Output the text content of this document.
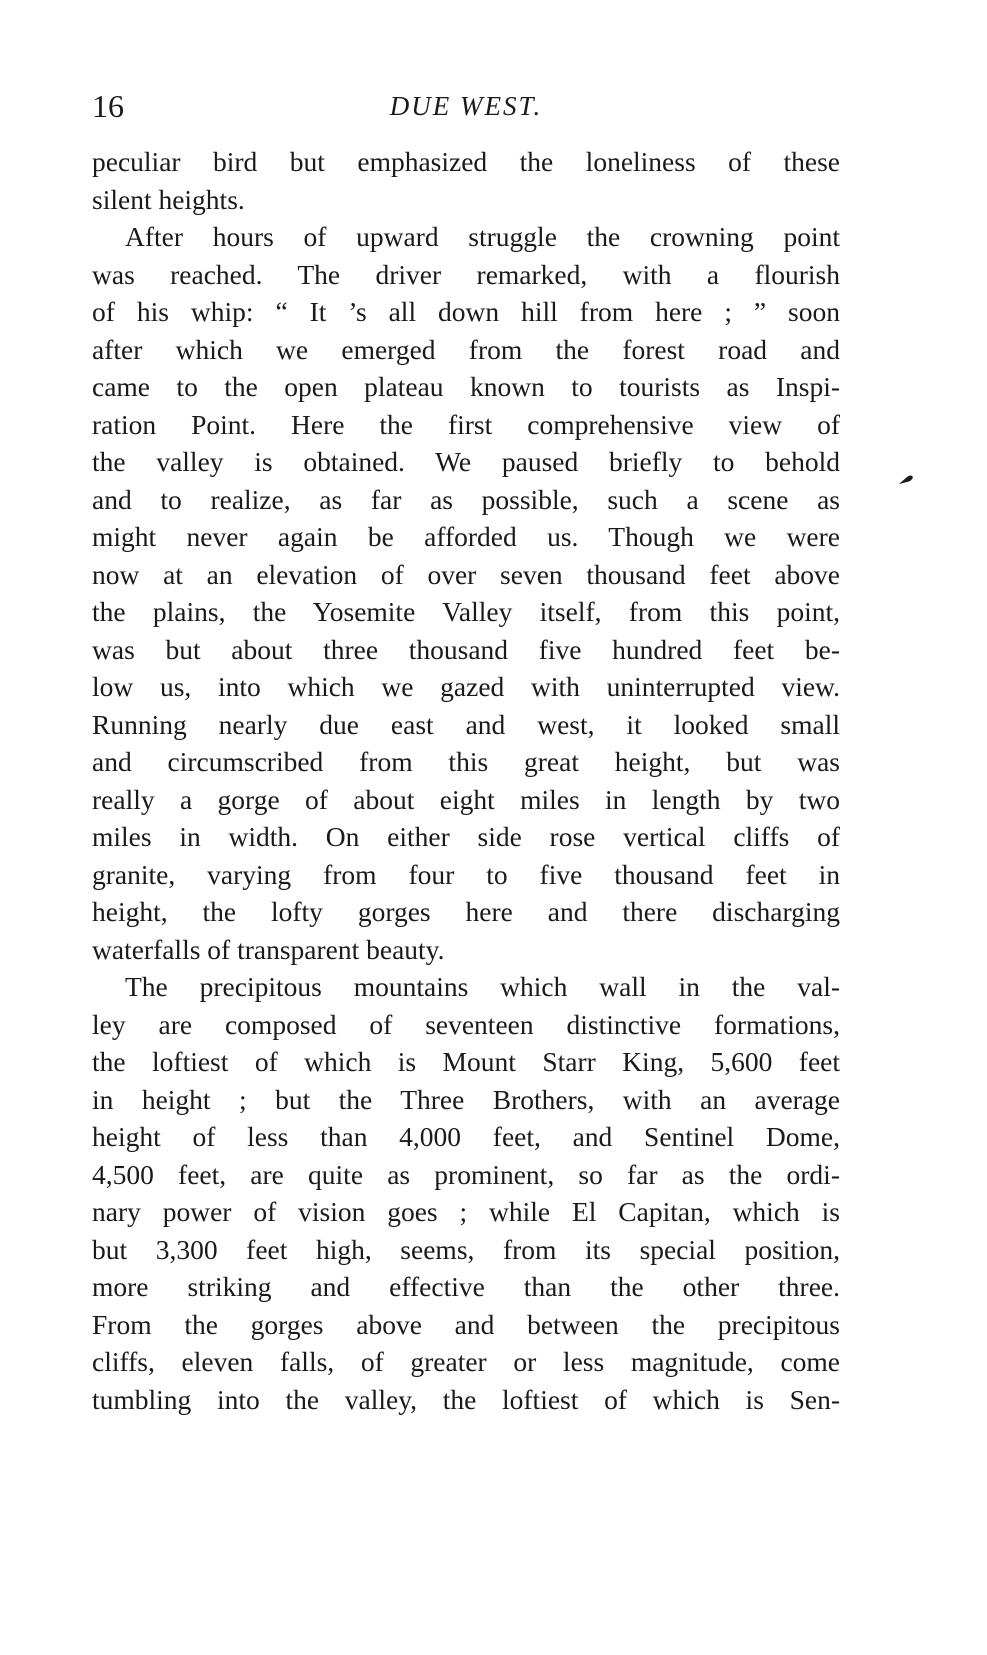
16	DUE WEST.
peculiar bird but emphasized the loneliness of these
silent heights.
After hours of upward struggle the crowning point
was reached. The driver remarked, with a flourish
of his whip: “ It ’s all down hill from here ; ” soon
after which we emerged from the forest road and
came to the open plateau known to tourists as Inspi-
ration Point. Here the first comprehensive view of
the valley is obtained. We paused briefly to behold
and to realize, as far as possible, such a scene as
might never again be afforded us. Though we were
now at an elevation of over seven thousand feet above
the plains, the Yosemite Valley itself, from this point,
was but about three thousand five hundred feet be-
low us, into which we gazed with uninterrupted view.
Running nearly due east and west, it looked small
and circumscribed from this great height, but was
really a gorge of about eight miles in length by two
miles in width. On either side rose vertical cliffs of
granite, varying from four to five thousand feet in
height, the lofty gorges here and there discharging
waterfalls of transparent beauty.
The precipitous mountains which wall in the val-
ley are composed of seventeen distinctive formations,
the loftiest of which is Mount Starr King, 5,600 feet
in height ; but the Three Brothers, with an average
height of less than 4,000 feet, and Sentinel Dome,
4,500 feet, are quite as prominent, so far as the ordi-
nary power of vision goes ; while El Capitan, which is
but 3,300 feet high, seems, from its special position,
more striking and effective than the other three.
From the gorges above and between the precipitous
cliffs, eleven falls, of greater or less magnitude, come
tumbling into the valley, the loftiest of which is Sen-
